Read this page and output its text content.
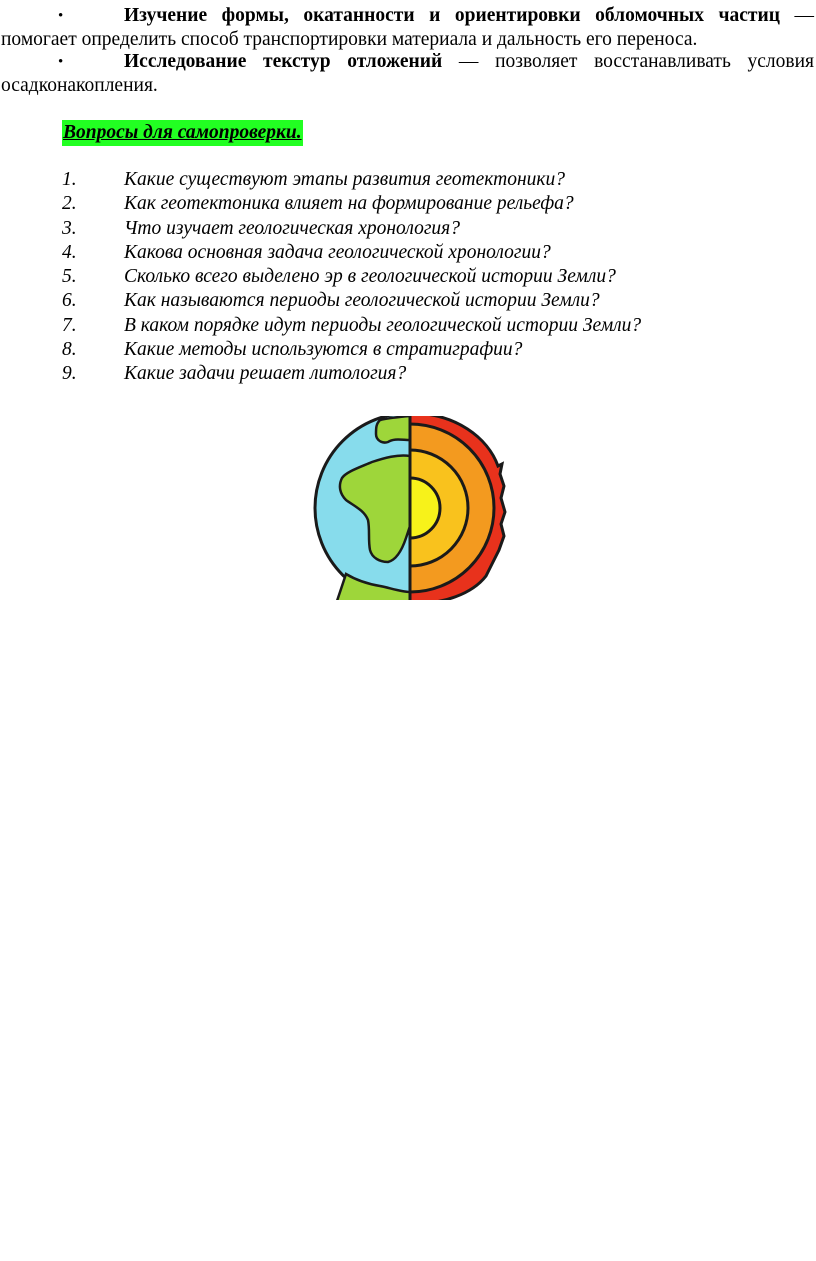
•	Изучение формы, окатанности и ориентировки обломочных частиц —
помогает определить способ транспортировки материала и дальность его переноса.
•	Исследование текстур отложений — позволяет восстанавливать условия
осадконакопления.
Вопросы для самопроверки.
1. Какие существуют этапы развития геотектоники?
2. Как геотектоника влияет на формирование рельефа?
3. Что изучает геологическая хронология?
4. Какова основная задача геологической хронологии?
5. Сколько всего выделено эр в геологической истории Земли?
6. Как называются периоды геологической истории Земли?
7. В каком порядке идут периоды геологической истории Земли?
8. Какие методы используются в стратиграфии?
9. Какие задачи решает литология?
